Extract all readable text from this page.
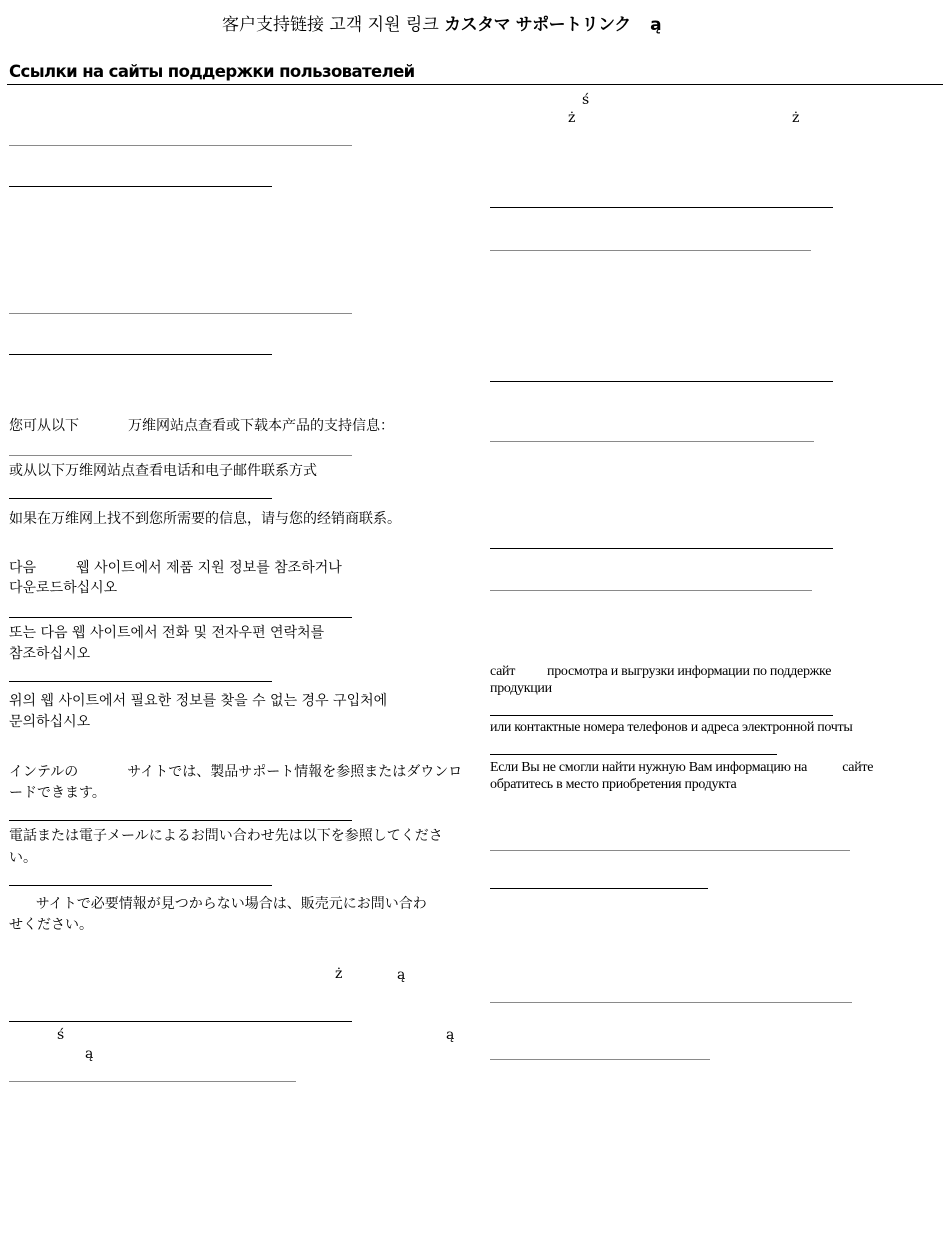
客户支持链接 고객 지원 링크 カスタマ サポートリンク ą
Ссылки на сайты поддержки пользователей
您可从以下           万维网站点查看或下载本产品的支持信息：
或从以下万维网站点查看电话和电子邮件联系方式
如果在万维网上找不到您所需要的信息，请与您的经销商联系。
다음         웹 사이트에서 제품 지원 정보를 참조하거나
다운로드하십시오
또는 다음 웹 사이트에서 전화 및 전자우편 연락처를
참조하십시오
위의 웹 사이트에서 필요한 정보를 찾을 수 없는 경우 구입처에
문의하십시오
インテルの           サイトでは、製品サポート情報を参照またはダウンロ
ードできます。
電話または電子メールによるお問い合わせ先は以下を参照してくださ
い。
サイトで必要情報が見つからない場合は、販売元にお問い合わ
せください。
ż	ą
ś	ą
ą
ś
ż	ż
сайт          просмотра и выгрузки информации по поддержке
продукции
или контактные номера телефонов и адреса электронной почты
Если Вы не смогли найти нужную Вам информацию на           сайте
обратитесь в место приобретения продукта
